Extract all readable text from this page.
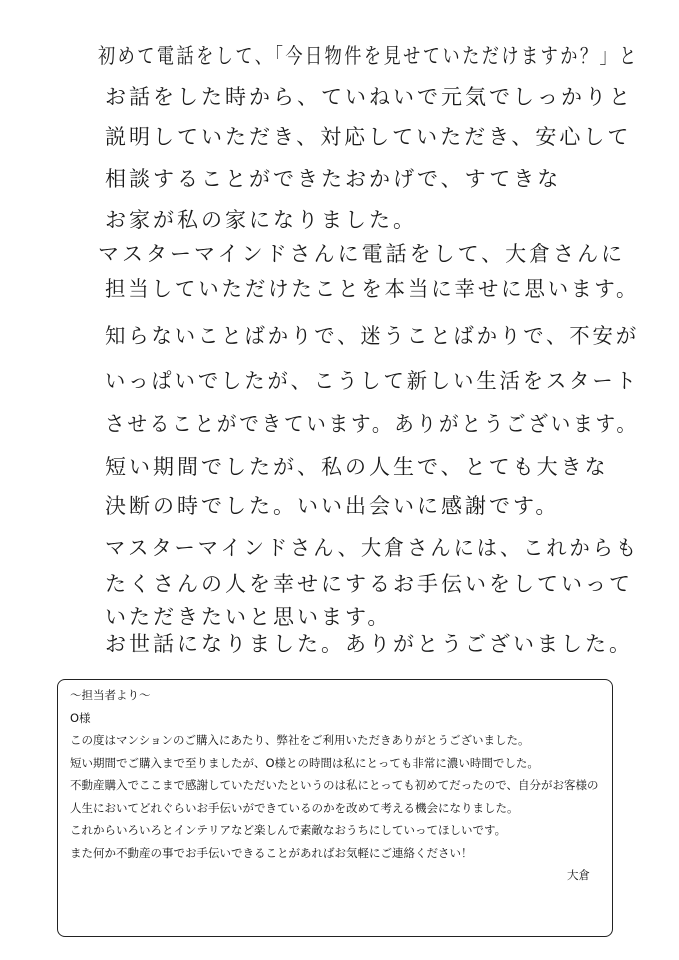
初めて電話をして、「今日物件を見せていただけますか？」と
お話をした時から、ていねいで元気でしっかりと
説明していただき、対応していただき、安心して
相談することができたおかげで、すてきな
お家が私の家になりました。
マスターマインドさんに電話をして、大倉さんに
担当していただけたことを本当に幸せに思います。
知らないことばかりで、迷うことばかりで、不安が
いっぱいでしたが、こうして新しい生活をスタート
させることができています。ありがとうございます。
短い期間でしたが、私の人生で、とても大きな
決断の時でした。いい出会いに感謝です。
マスターマインドさん、大倉さんには、これからも
たくさんの人を幸せにするお手伝いをしていって
いただきたいと思います。
お世話になりました。ありがとうございました。
～担当者より～
O様
この度はマンションのご購入にあたり、弊社をご利用いただきありがとうございました。
短い期間でご購入まで至りましたが、O様との時間は私にとっても非常に濃い時間でした。
不動産購入でここまで感謝していただいたというのは私にとっても初めてだったので、自分がお客様の人生においてどれぐらいお手伝いができているのかを改めて考える機会になりました。
これからいろいろとインテリアなど楽しんで素敵なおうちにしていってほしいです。
また何か不動産の事でお手伝いできることがあればお気軽にご連絡ください！
大倉
